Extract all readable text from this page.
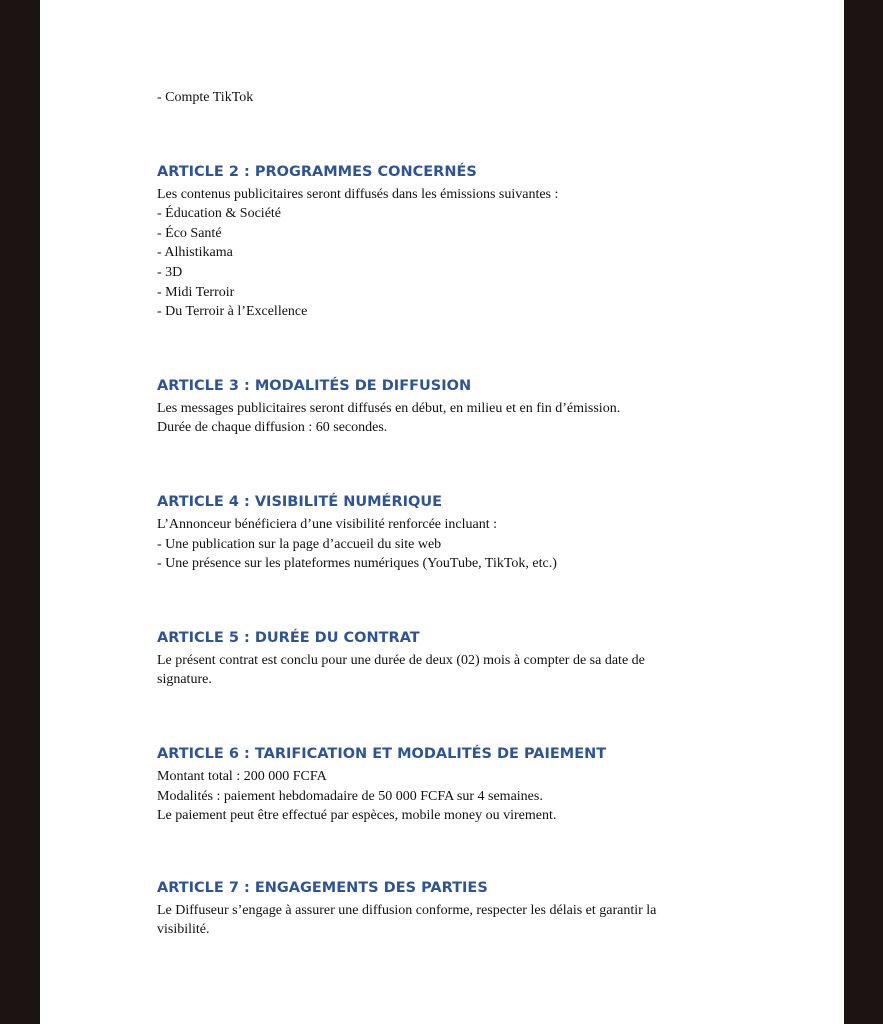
- Compte TikTok

ARTICLE 2 : PROGRAMMES CONCERNÉS

Les contenus publicitaires seront diffusés dans les émissions suivantes :
- Éducation & Société
- Éco Santé
- Alhistikama
- 3D
- Midi Terroir
- Du Terroir à l’Excellence

ARTICLE 3 : MODALITÉS DE DIFFUSION

Les messages publicitaires seront diffusés en début, en milieu et en fin d’émission.
Durée de chaque diffusion : 60 secondes.

ARTICLE 4 : VISIBILITÉ NUMÉRIQUE

L’Annonceur bénéficiera d’une visibilité renforcée incluant :
- Une publication sur la page d’accueil du site web
- Une présence sur les plateformes numériques (YouTube, TikTok, etc.)

ARTICLE 5 : DURÉE DU CONTRAT

Le présent contrat est conclu pour une durée de deux (02) mois à compter de sa date de
signature.

ARTICLE 6 : TARIFICATION ET MODALITÉS DE PAIEMENT

Montant total : 200 000 FCFA
Modalités : paiement hebdomadaire de 50 000 FCFA sur 4 semaines.
Le paiement peut être effectué par espèces, mobile money ou virement.

ARTICLE 7 : ENGAGEMENTS DES PARTIES

Le Diffuseur s’engage à assurer une diffusion conforme, respecter les délais et garantir la
visibilité.
